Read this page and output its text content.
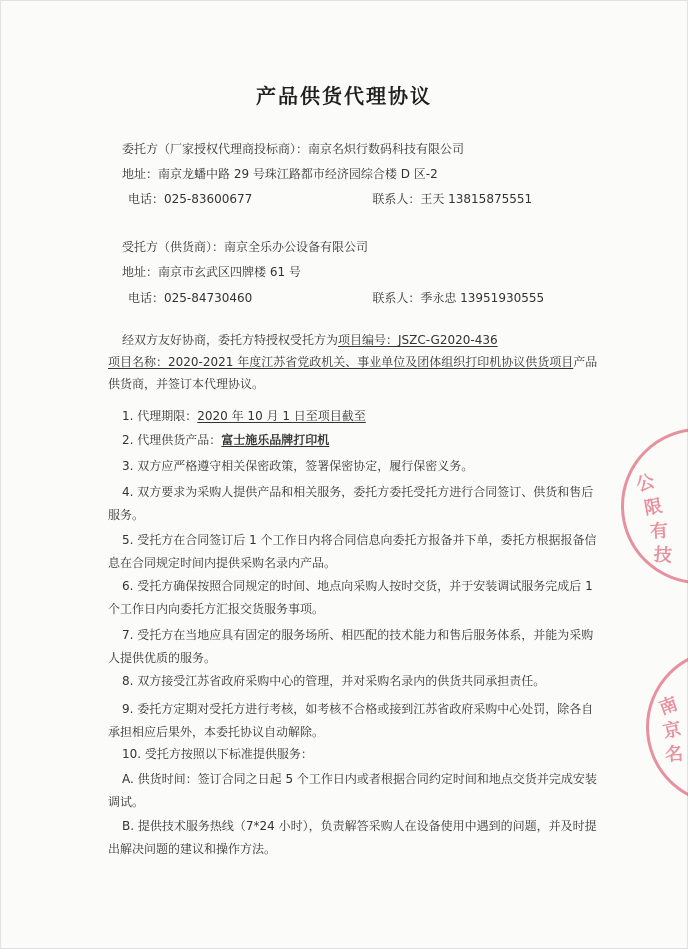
产品供货代理协议
委托方（厂家授权代理商投标商）：南京名炽行数码科技有限公司
地址：南京龙蟠中路 29 号珠江路都市经济园综合楼 D 区-2
电话：025-83600677	联系人：王天 13815875551
受托方（供货商）：南京全乐办公设备有限公司
地址：南京市玄武区四牌楼 61 号
电话：025-84730460	联系人：季永忠 13951930555
经双方友好协商，委托方特授权受托方为项目编号：JSZC-G2020-436
项目名称：2020-2021 年度江苏省党政机关、事业单位及团体组织打印机协议供货项目产品供货商，并签订本代理协议。
1. 代理期限：2020 年 10 月 1 日至项目截至
2. 代理供货产品：富士施乐品牌打印机
3. 双方应严格遵守相关保密政策，签署保密协定，履行保密义务。
4. 双方要求为采购人提供产品和相关服务，委托方委托受托方进行合同签订、供货和售后服务。
5. 受托方在合同签订后 1 个工作日内将合同信息向委托方报备并下单，委托方根据报备信息在合同规定时间内提供采购名录内产品。
6. 受托方确保按照合同规定的时间、地点向采购人按时交货，并于安装调试服务完成后 1 个工作日内向委托方汇报交货服务事项。
7. 受托方在当地应具有固定的服务场所、相匹配的技术能力和售后服务体系，并能为采购人提供优质的服务。
8. 双方接受江苏省政府采购中心的管理，并对采购名录内的供货共同承担责任。
9. 委托方定期对受托方进行考核，如考核不合格或接到江苏省政府采购中心处罚，除各自承担相应后果外，本委托协议自动解除。
10. 受托方按照以下标准提供服务：
A. 供货时间：签订合同之日起 5 个工作日内或者根据合同约定时间和地点交货并完成安装调试。
B. 提供技术服务热线（7*24 小时），负责解答采购人在设备使用中遇到的问题，并及时提出解决问题的建议和操作方法。
公
限
有
技
南
京
名
